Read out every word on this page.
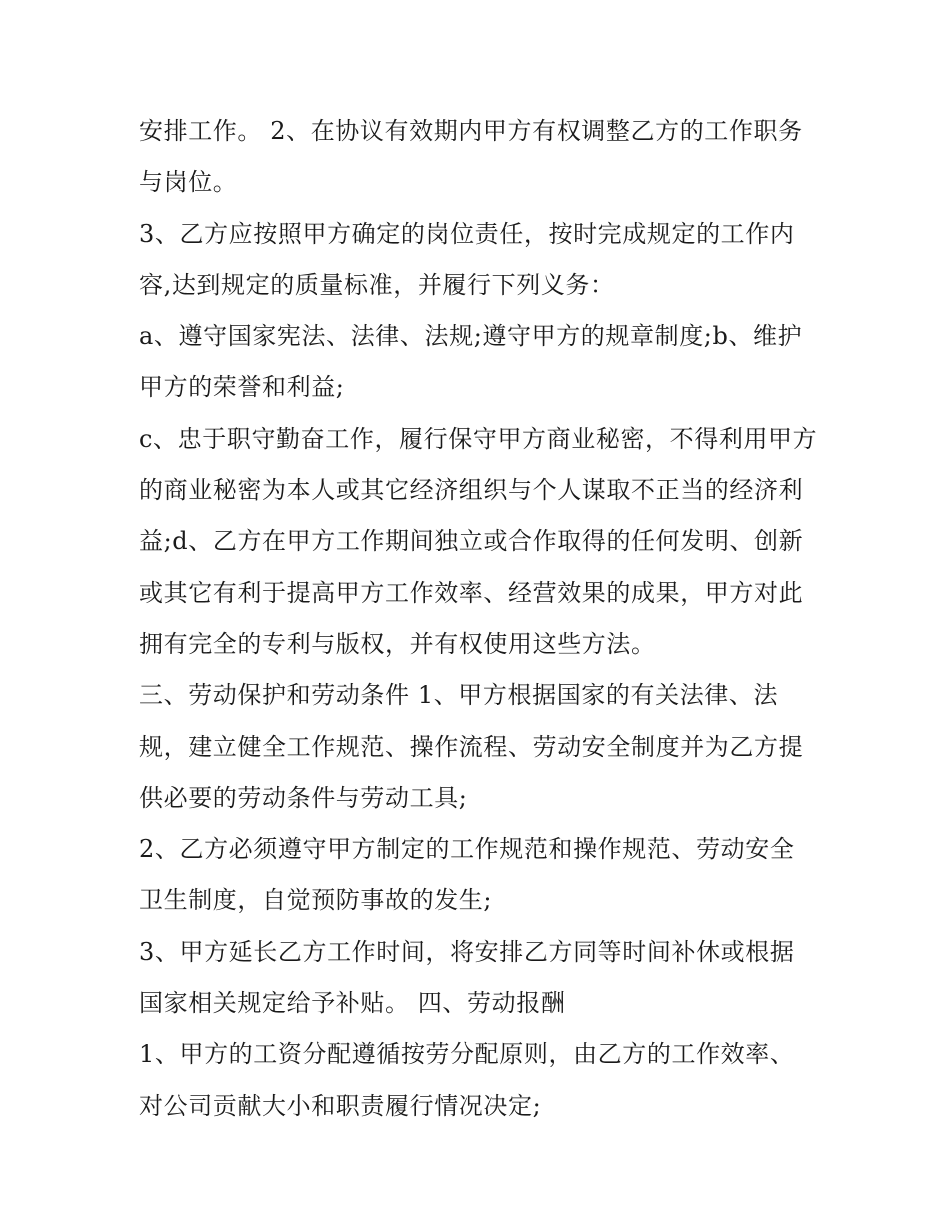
安排工作。 2、在协议有效期内甲方有权调整乙方的工作职务与岗位。

3、乙方应按照甲方确定的岗位责任，按时完成规定的工作内容,达到规定的质量标准，并履行下列义务：

a、遵守国家宪法、法律、法规;遵守甲方的规章制度;b、维护甲方的荣誉和利益;

c、忠于职守勤奋工作，履行保守甲方商业秘密，不得利用甲方的商业秘密为本人或其它经济组织与个人谋取不正当的经济利益;d、乙方在甲方工作期间独立或合作取得的任何发明、创新或其它有利于提高甲方工作效率、经营效果的成果，甲方对此拥有完全的专利与版权，并有权使用这些方法。

三、劳动保护和劳动条件 1、甲方根据国家的有关法律、法规，建立健全工作规范、操作流程、劳动安全制度并为乙方提供必要的劳动条件与劳动工具;

2、乙方必须遵守甲方制定的工作规范和操作规范、劳动安全卫生制度，自觉预防事故的发生;

3、甲方延长乙方工作时间，将安排乙方同等时间补休或根据国家相关规定给予补贴。 四、劳动报酬

1、甲方的工资分配遵循按劳分配原则，由乙方的工作效率、对公司贡献大小和职责履行情况决定;
